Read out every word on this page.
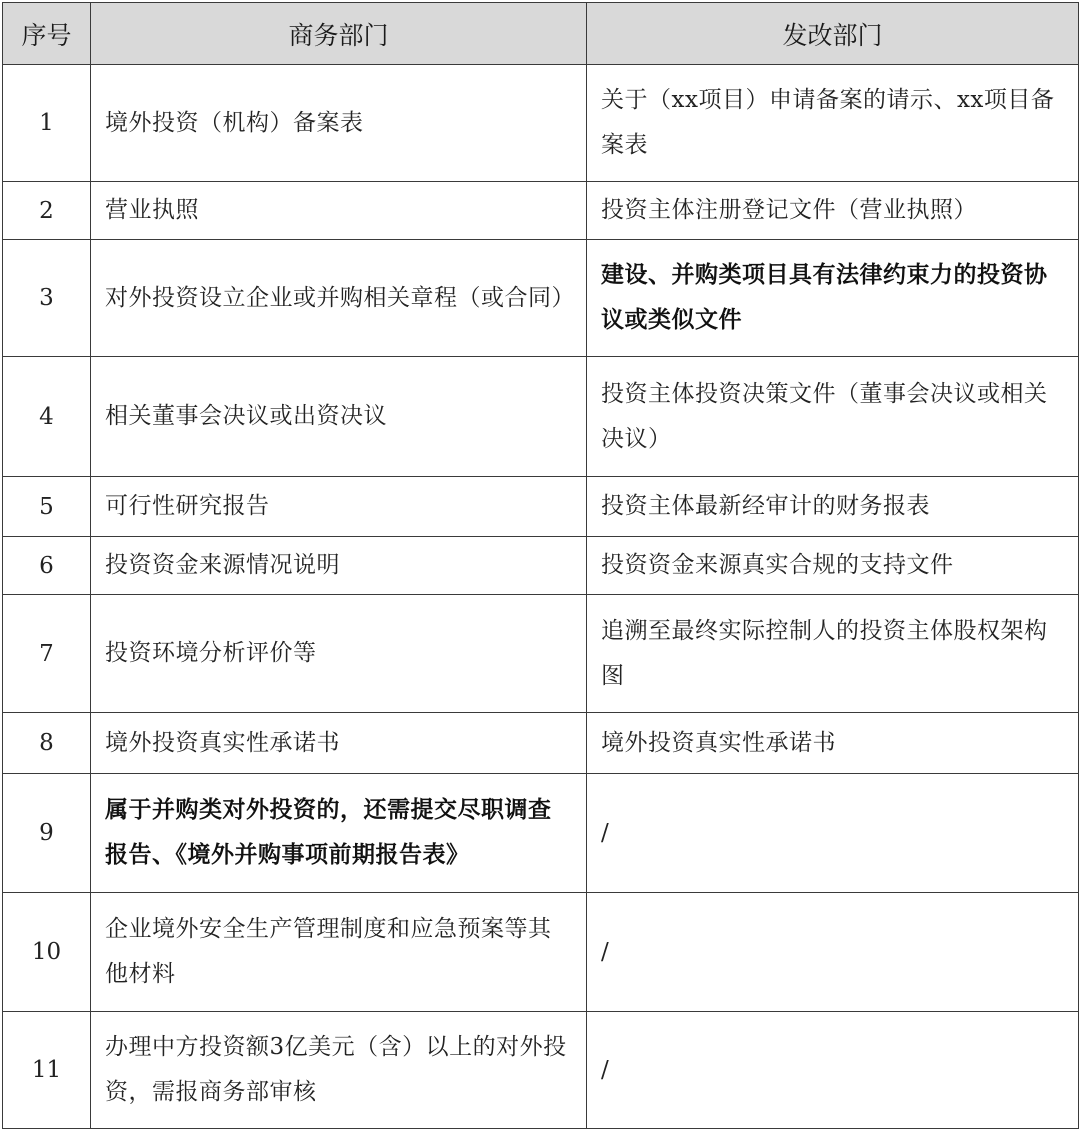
序号	商务部门	发改部门
1	境外投资（机构）备案表	关于（xx项目）申请备案的请示、xx项目备案表
2	营业执照	投资主体注册登记文件（营业执照）
3	对外投资设立企业或并购相关章程（或合同）	建设、并购类项目具有法律约束力的投资协议或类似文件
4	相关董事会决议或出资决议	投资主体投资决策文件（董事会决议或相关决议）
5	可行性研究报告	投资主体最新经审计的财务报表
6	投资资金来源情况说明	投资资金来源真实合规的支持文件
7	投资环境分析评价等	追溯至最终实际控制人的投资主体股权架构图
8	境外投资真实性承诺书	境外投资真实性承诺书
9	属于并购类对外投资的，还需提交尽职调查报告、《境外并购事项前期报告表》	/
10	企业境外安全生产管理制度和应急预案等其他材料	/
11	办理中方投资额3亿美元（含）以上的对外投资，需报商务部审核	/
